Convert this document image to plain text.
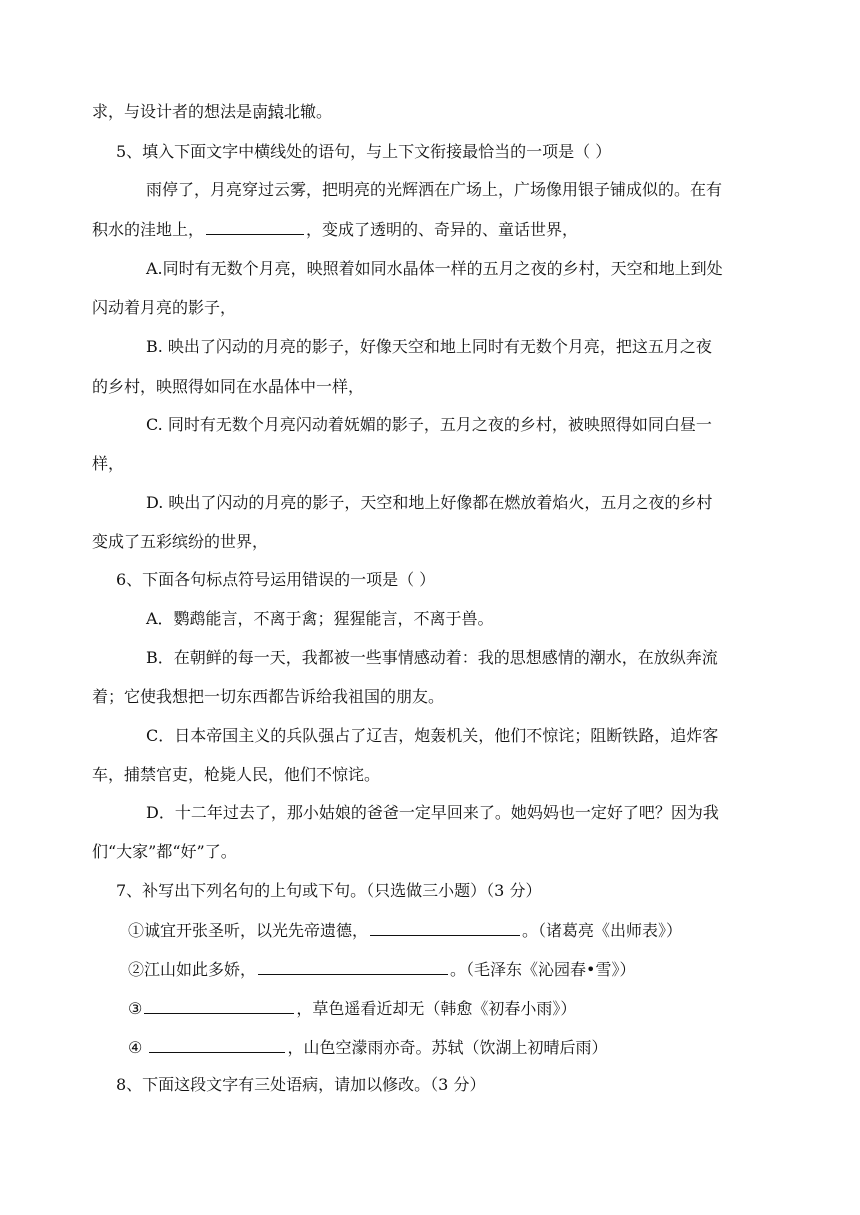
求，与设计者的想法是南辕北辙 · ·。
5、填入下面文字中横线处的语句，与上下文衔接最恰当的一项是（ ）
雨停了，月亮穿过云雾，把明亮的光辉洒在广场上，广场像用银子铺成似的。在有
积水的洼地上，	，变成了透明的、奇异的、童话世界，
A.同时有无数个月亮，映照着如同水晶体一样的五月之夜的乡村，天空和地上到处
闪动着月亮的影子，
B. 映出了闪动的月亮的影子，好像天空和地上同时有无数个月亮，把这五月之夜
的乡村，映照得如同在水晶体中一样，
C. 同时有无数个月亮闪动着妩媚的影子，五月之夜的乡村，被映照得如同白昼一
样，
D. 映出了闪动的月亮的影子，天空和地上好像都在燃放着焰火，五月之夜的乡村
变成了五彩缤纷的世界，
6、下面各句标点符号运用错误的一项是（ ）
A．鹦鹉能言，不离于禽；猩猩能言，不离于兽。
B．在朝鲜的每一天，我都被一些事情感动着：我的思想感情的潮水，在放纵奔流
着；它使我想把一切东西都告诉给我祖国的朋友。
C．日本帝国主义的兵队强占了辽吉，炮轰机关，他们不惊诧；阻断铁路，追炸客
车，捕禁官吏，枪毙人民，他们不惊诧。
D．十二年过去了，那小姑娘的爸爸一定早回来了。她妈妈也一定好了吧？因为我
们“大家”都“好”了。
7、补写出下列名句的上句或下句。（只选做三小题）（3 分）
①诚宜开张圣听，以光先帝遗德，	。（诸葛亮《出师表》）
②江山如此多娇，	。（毛泽东《沁园春•雪》）
③	，草色遥看近却无（韩愈《初春小雨》）
④	，山色空濛雨亦奇。苏轼（饮湖上初晴后雨）
8、下面这段文字有三处语病，请加以修改。（3 分）
